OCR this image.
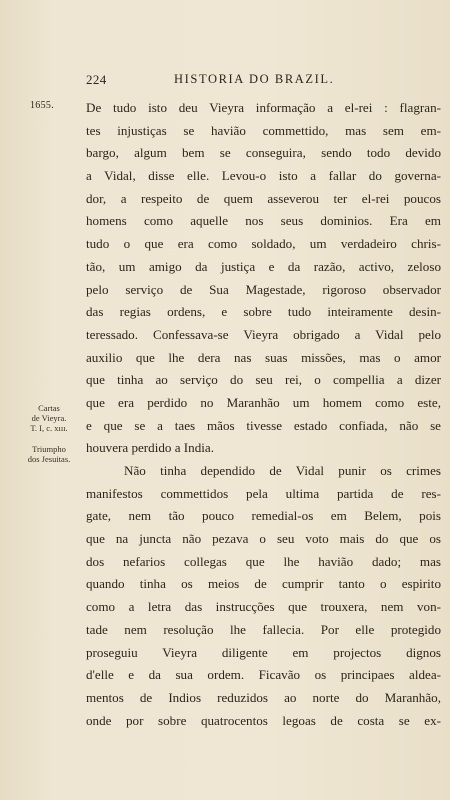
224	HISTORIA DO BRAZIL.
1655.
Cartas
de Vieyra.
T. I, c. xııı.
Triumpho
dos Jesuitas.
De tudo isto deu Vieyra informação a el-rei : flagran-
tes injustiças se havião commettido, mas sem em-
bargo, algum bem se conseguira, sendo todo devido
a Vidal, disse elle. Levou-o isto a fallar do governa-
dor, a respeito de quem asseverou ter el-rei poucos
homens como aquelle nos seus dominios. Era em
tudo o que era como soldado, um verdadeiro chris-
tão, um amigo da justiça e da razão, activo, zeloso
pelo serviço de Sua Magestade, rigoroso observador
das regias ordens, e sobre tudo inteiramente desin-
teressado. Confessava-se Vieyra obrigado a Vidal pelo
auxilio que lhe dera nas suas missões, mas o amor
que tinha ao serviço do seu rei, o compellia a dizer
que era perdido no Maranhão um homem como este,
e que se a taes mãos tivesse estado confiada, não se
houvera perdido a India.
Não tinha dependido de Vidal punir os crimes
manifestos commettidos pela ultima partida de res-
gate, nem tão pouco remedial-os em Belem, pois
que na juncta não pezava o seu voto mais do que os
dos nefarios collegas que lhe havião dado; mas
quando tinha os meios de cumprir tanto o espirito
como a letra das instrucções que trouxera, nem von-
tade nem resolução lhe fallecia. Por elle protegido
proseguiu Vieyra diligente em projectos dignos
d'elle e da sua ordem. Ficavão os principaes aldea-
mentos de Indios reduzidos ao norte do Maranhão,
onde por sobre quatrocentos legoas de costa se ex-
